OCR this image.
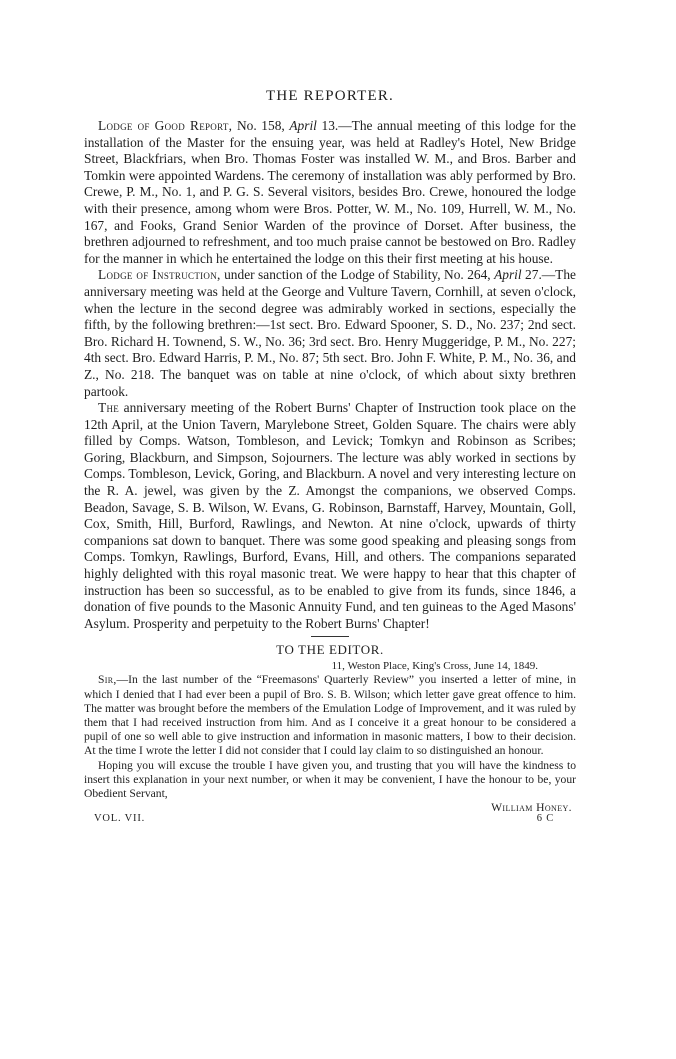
THE REPORTER.

Lodge of Good Report, No. 158, April 13.—The annual meeting of this lodge for the installation of the Master for the ensuing year, was held at Radley's Hotel, New Bridge Street, Blackfriars, when Bro. Thomas Foster was installed W. M., and Bros. Barber and Tomkin were appointed Wardens. The ceremony of installation was ably performed by Bro. Crewe, P. M., No. 1, and P. G. S. Several visitors, besides Bro. Crewe, honoured the lodge with their presence, among whom were Bros. Potter, W. M., No. 109, Hurrell, W. M., No. 167, and Fooks, Grand Senior Warden of the province of Dorset. After business, the brethren adjourned to refreshment, and too much praise cannot be bestowed on Bro. Radley for the manner in which he entertained the lodge on this their first meeting at his house.

Lodge of Instruction, under sanction of the Lodge of Stability, No. 264, April 27.—The anniversary meeting was held at the George and Vulture Tavern, Cornhill, at seven o'clock, when the lecture in the second degree was admirably worked in sections, especially the fifth, by the following brethren:—1st sect. Bro. Edward Spooner, S. D., No. 237; 2nd sect. Bro. Richard H. Townend, S. W., No. 36; 3rd sect. Bro. Henry Muggeridge, P. M., No. 227; 4th sect. Bro. Edward Harris, P. M., No. 87; 5th sect. Bro. John F. White, P. M., No. 36, and Z., No. 218. The banquet was on table at nine o'clock, of which about sixty brethren partook.

The anniversary meeting of the Robert Burns' Chapter of Instruction took place on the 12th April, at the Union Tavern, Marylebone Street, Golden Square. The chairs were ably filled by Comps. Watson, Tombleson, and Levick; Tomkyn and Robinson as Scribes; Goring, Blackburn, and Simpson, Sojourners. The lecture was ably worked in sections by Comps. Tombleson, Levick, Goring, and Blackburn. A novel and very interesting lecture on the R. A. jewel, was given by the Z. Amongst the companions, we observed Comps. Beadon, Savage, S. B. Wilson, W. Evans, G. Robinson, Barnstaff, Harvey, Mountain, Goll, Cox, Smith, Hill, Burford, Rawlings, and Newton. At nine o'clock, upwards of thirty companions sat down to banquet. There was some good speaking and pleasing songs from Comps. Tomkyn, Rawlings, Burford, Evans, Hill, and others. The companions separated highly delighted with this royal masonic treat. We were happy to hear that this chapter of instruction has been so successful, as to be enabled to give from its funds, since 1846, a donation of five pounds to the Masonic Annuity Fund, and ten guineas to the Aged Masons' Asylum. Prosperity and perpetuity to the Robert Burns' Chapter!

TO THE EDITOR.

11, Weston Place, King's Cross, June 14, 1849.

Sir,—In the last number of the “Freemasons' Quarterly Review” you inserted a letter of mine, in which I denied that I had ever been a pupil of Bro. S. B. Wilson; which letter gave great offence to him. The matter was brought before the members of the Emulation Lodge of Improvement, and it was ruled by them that I had received instruction from him. And as I conceive it a great honour to be considered a pupil of one so well able to give instruction and information in masonic matters, I bow to their decision. At the time I wrote the letter I did not consider that I could lay claim to so distinguished an honour.

Hoping you will excuse the trouble I have given you, and trusting that you will have the kindness to insert this explanation in your next number, or when it may be convenient, I have the honour to be, your Obedient Servant,

William Honey.

VOL. VII.	6 C
